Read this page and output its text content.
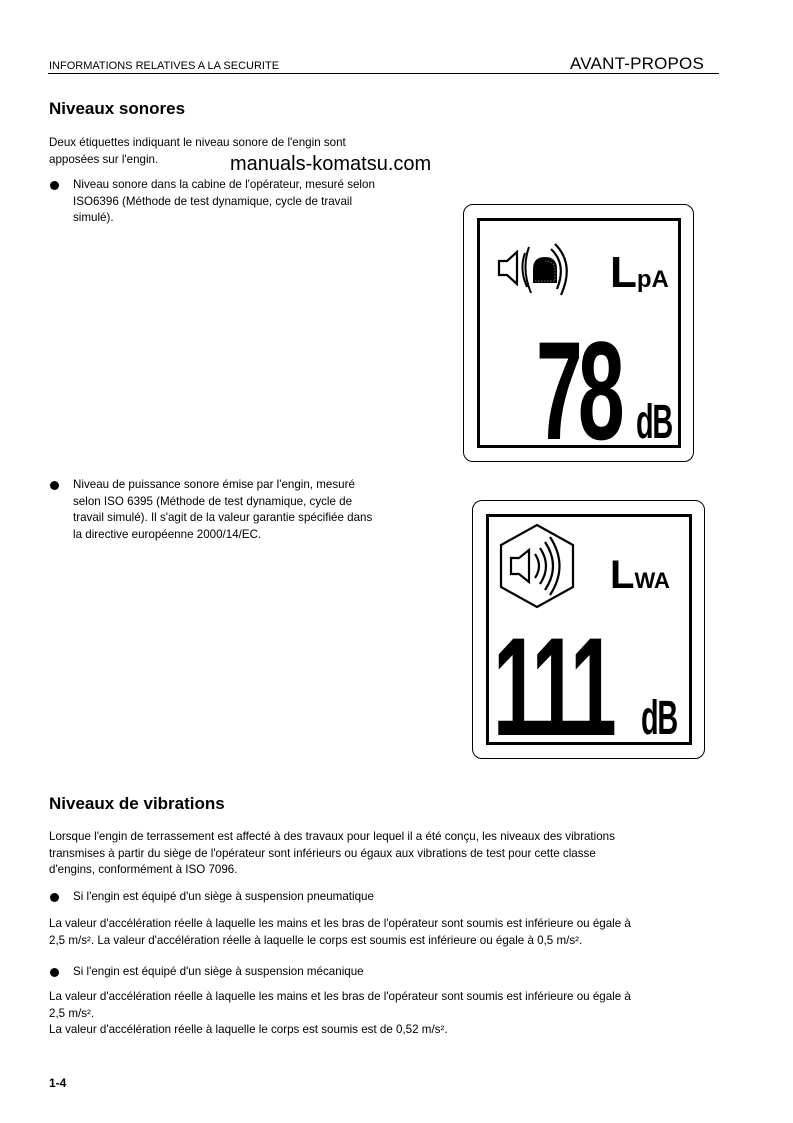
INFORMATIONS RELATIVES A LA SECURITE	AVANT-PROPOS
Niveaux sonores
Deux étiquettes indiquant le niveau sonore de l'engin sont
apposées sur l'engin.	manuals-komatsu.com
Niveau sonore dans la cabine de l'opérateur, mesuré selon
ISO6396 (Méthode de test dynamique, cycle de travail
simulé).
LpA
78 dB
Niveau de puissance sonore émise par l'engin, mesuré
selon ISO 6395 (Méthode de test dynamique, cycle de
travail simulé). Il s'agit de la valeur garantie spécifiée dans
la directive européenne 2000/14/EC.
LWA
111 dB
Niveaux de vibrations
Lorsque l'engin de terrassement est affecté à des travaux pour lequel il a été conçu, les niveaux des vibrations
transmises à partir du siège de l'opérateur sont inférieurs ou égaux aux vibrations de test pour cette classe
d'engins, conformément à ISO 7096.
Si l'engin est équipé d'un siège à suspension pneumatique
La valeur d'accélération réelle à laquelle les mains et les bras de l'opérateur sont soumis est inférieure ou égale à
2,5 m/s². La valeur d'accélération réelle à laquelle le corps est soumis est inférieure ou égale à 0,5 m/s².
Si l'engin est équipé d'un siège à suspension mécanique
La valeur d'accélération réelle à laquelle les mains et les bras de l'opérateur sont soumis est inférieure ou égale à
2,5 m/s².
La valeur d'accélération réelle à laquelle le corps est soumis est de 0,52 m/s².
1-4
